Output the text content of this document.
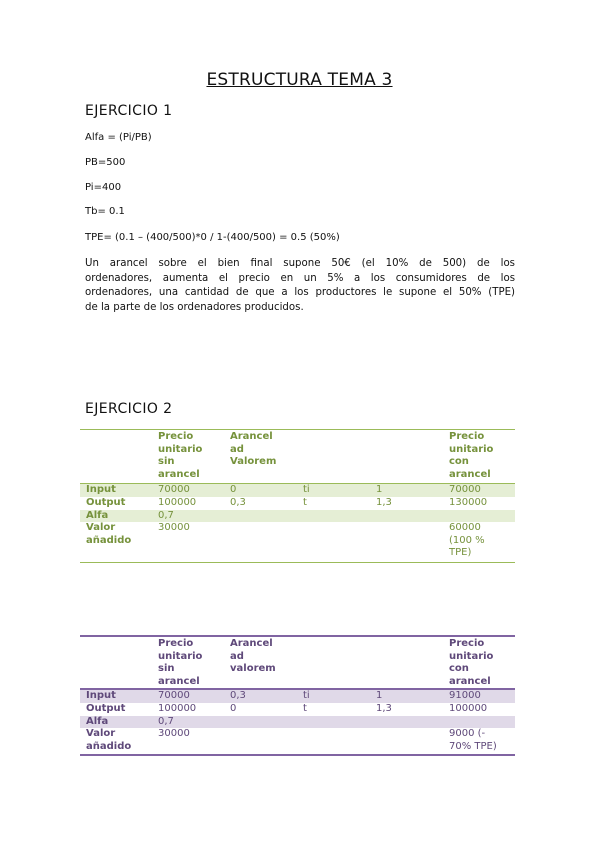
ESTRUCTURA TEMA 3
EJERCICIO 1
Alfa = (Pi/PB)
PB=500
Pi=400
Tb= 0.1
TPE= (0.1 – (400/500)*0 / 1-(400/500) = 0.5 (50%)
Un arancel sobre el bien final supone 50€ (el 10% de 500) de los
ordenadores, aumenta el precio en un 5% a los consumidores de los
ordenadores, una cantidad de que a los productores le supone el 50% (TPE)
de la parte de los ordenadores producidos.
EJERCICIO 2
	Precio
unitario
sin
arancel	Arancel
ad
Valorem			Precio
unitario
con
arancel
Input	70000	0	ti	1	70000
Output	100000	0,3	t	1,3	130000
Alfa	0,7				
Valor
añadido	30000				60000
(100 %
TPE)
	Precio
unitario
sin
arancel	Arancel
ad
valorem			Precio
unitario
con
arancel
Input	70000	0,3	ti	1	91000
Output	100000	0	t	1,3	100000
Alfa	0,7				
Valor
añadido	30000				9000 (-
70% TPE)
